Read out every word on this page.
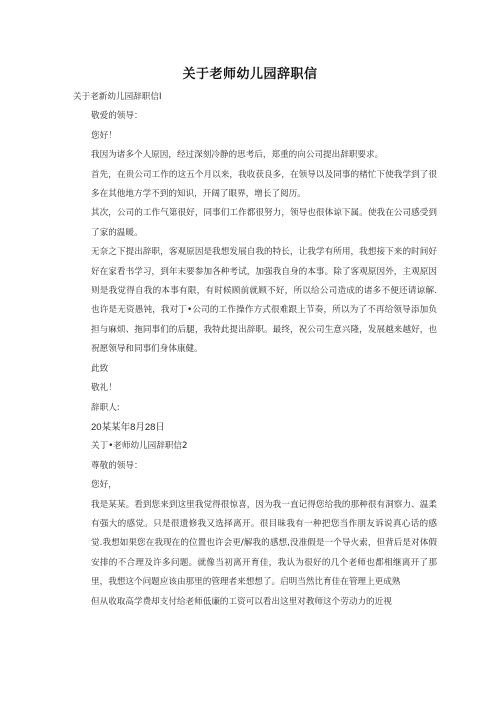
关于老师幼儿园辞职信

关于老新幼儿园辞职信Ⅰ

敬爱的领导：

您好！

我因为诸多个人原因，经过深刻冷静的思考后，郑重的向公司提出辞职要求。

首先，在贵公司工作的这五个月以来，我收获良多，在领导以及同事的楮忙下使我学到了很多在其他地方学不到的知识，开阔了眼界，增长了阅历。

其次，公司的工作气第很好，同事们工作都很努力，领导也很体谅下属。使我在公司感受到了家的温暖。

无奈之下提出辞职，客观原因是我想发展自我的特长，让我学有所用，我想接下来的时间好好在家看书学习，到年末要参加各种考试，加强我自身的本事。除了客观原因外，主观原因则是我觉得自我的本事有限，有时候顾前就顾不好，所以给公司造成的诸多不便还请谅解.也许是无资愚钝，我对丁•公司的工作操作方式很难跟上节奏，所以为了不再给领导添加负担与麻烦、拖同事们的后腿，我特此提出辞职。最终，祝公司生意兴隆，发展越来越好，也祝愿领导和同事们身体康健。

此致

敬礼！

辞职人:

20某某年8月28日

关丁•老师幼儿园辞职信2

尊敬的领导：

您好，

我是某某。看到您来到这里我觉得很惊喜，因为我一直记得您给我的那种很有洞察力、温柔有强大的感觉。只是很遗修我又选择离开。很目昧我有一种把您当作朋友诉说真心话的感觉.我想如果您在我现在的位置也许会更/解我的感想,没准假是一个导火索，但背后是对体假安排的不合理及许多问题。就像当初离开育佳，我认为很好的几个老师也都相继离开了那里，我想这个问题应该由那里的管理者来想想了。启明当然比育佳在管理上更成熟

但从收取高学费却支付给老师低廉的工资可以看出这里对教师这个劳动力的近视
